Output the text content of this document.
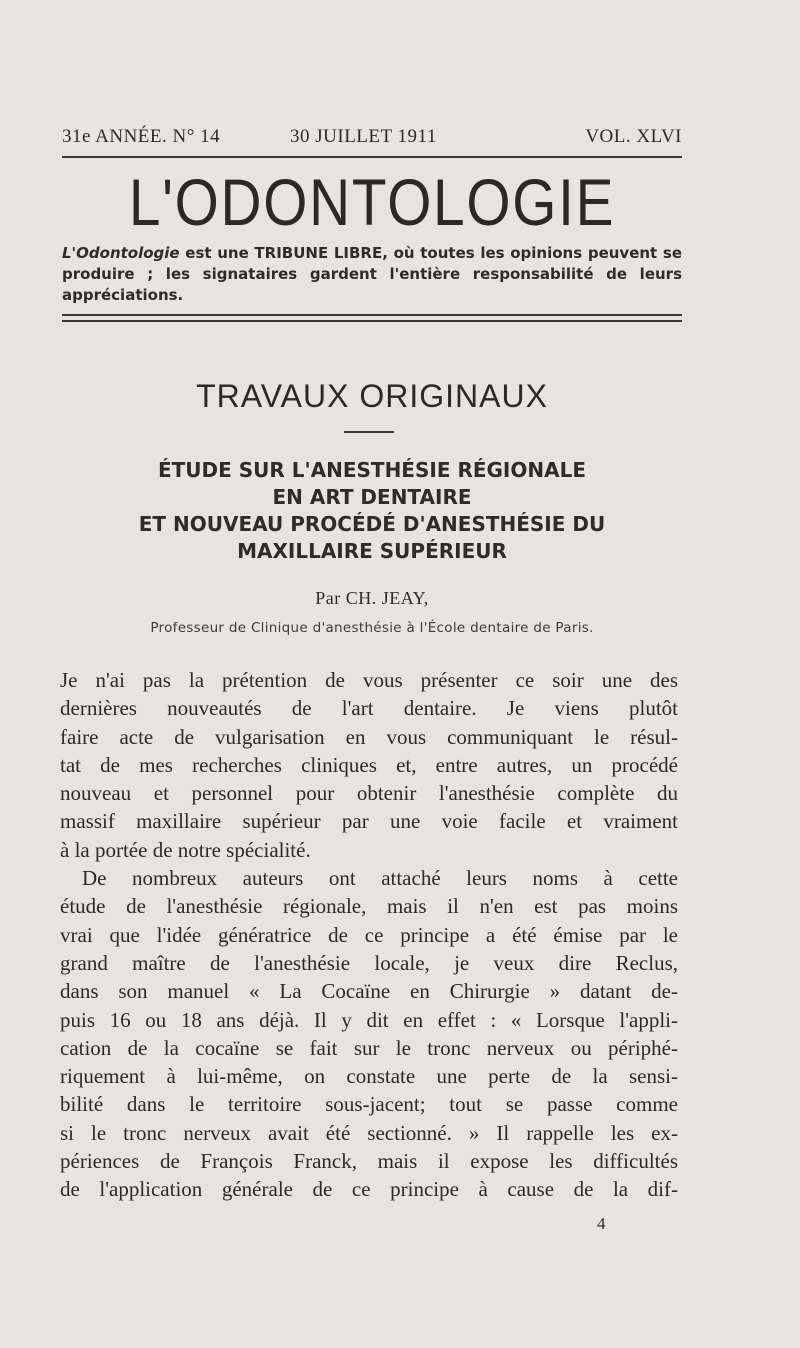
31e ANNÉE. N° 14	30 JUILLET 1911	VOL. XLVI
L'ODONTOLOGIE
L'Odontologie est une TRIBUNE LIBRE, où toutes les opinions peuvent se produire ; les signataires gardent l'entière responsabilité de leurs appréciations.
TRAVAUX ORIGINAUX
ÉTUDE SUR L'ANESTHÉSIE RÉGIONALE
EN ART DENTAIRE
ET NOUVEAU PROCÉDÉ D'ANESTHÉSIE DU
MAXILLAIRE SUPÉRIEUR
Par CH. JEAY,
Professeur de Clinique d'anesthésie à l'École dentaire de Paris.
Je n'ai pas la prétention de vous présenter ce soir une des
dernières nouveautés de l'art dentaire. Je viens plutôt
faire acte de vulgarisation en vous communiquant le résul-
tat de mes recherches cliniques et, entre autres, un procédé
nouveau et personnel pour obtenir l'anesthésie complète du
massif maxillaire supérieur par une voie facile et vraiment
à la portée de notre spécialité.
De nombreux auteurs ont attaché leurs noms à cette
étude de l'anesthésie régionale, mais il n'en est pas moins
vrai que l'idée génératrice de ce principe a été émise par le
grand maître de l'anesthésie locale, je veux dire Reclus,
dans son manuel « La Cocaïne en Chirurgie » datant de-
puis 16 ou 18 ans déjà. Il y dit en effet : « Lorsque l'appli-
cation de la cocaïne se fait sur le tronc nerveux ou périphé-
riquement à lui-même, on constate une perte de la sensi-
bilité dans le territoire sous-jacent; tout se passe comme
si le tronc nerveux avait été sectionné. » Il rappelle les ex-
périences de François Franck, mais il expose les difficultés
de l'application générale de ce principe à cause de la dif-
4
